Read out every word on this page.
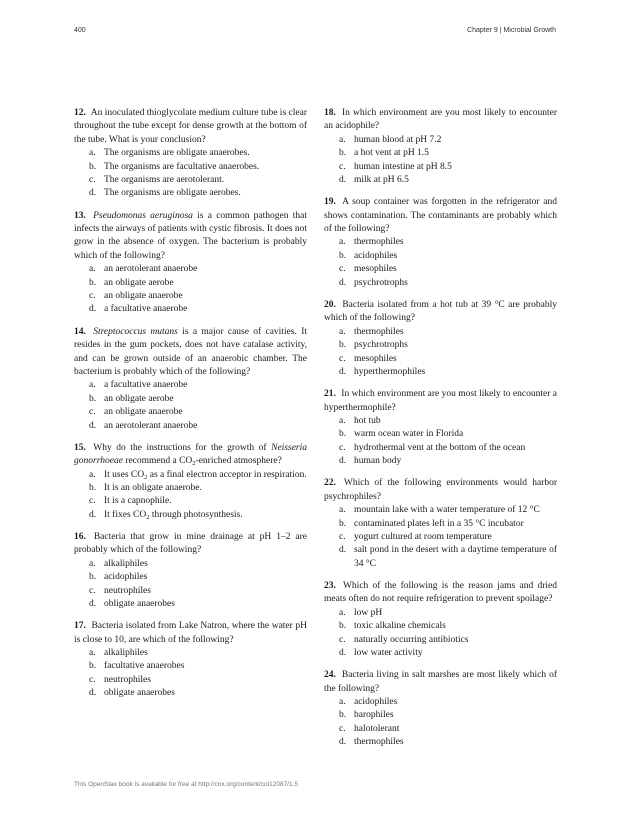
400	Chapter 9 | Microbial Growth

12. An inoculated thioglycolate medium culture tube is clear throughout the tube except for dense growth at the bottom of the tube. What is your conclusion?

a. The organisms are obligate anaerobes.
b. The organisms are facultative anaerobes.
c. The organisms are aerotolerant.
d. The organisms are obligate aerobes.

13. Pseudomonas aeruginosa is a common pathogen that infects the airways of patients with cystic fibrosis. It does not grow in the absence of oxygen. The bacterium is probably which of the following?

a. an aerotolerant anaerobe
b. an obligate aerobe
c. an obligate anaerobe
d. a facultative anaerobe

14. Streptococcus mutans is a major cause of cavities. It resides in the gum pockets, does not have catalase activity, and can be grown outside of an anaerobic chamber. The bacterium is probably which of the following?

a. a facultative anaerobe
b. an obligate aerobe
c. an obligate anaerobe
d. an aerotolerant anaerobe

15. Why do the instructions for the growth of Neisseria gonorrhoeae recommend a $CO_2$-enriched atmosphere?

a. It uses $CO_2$ as a final electron acceptor in respiration.
b. It is an obligate anaerobe.
c. It is a capnophile.
d. It fixes $CO_2$ through photosynthesis.

16. Bacteria that grow in mine drainage at pH 1–2 are probably which of the following?

a. alkaliphiles
b. acidophiles
c. neutrophiles
d. obligate anaerobes

17. Bacteria isolated from Lake Natron, where the water pH is close to 10, are which of the following?

a. alkaliphiles
b. facultative anaerobes
c. neutrophiles
d. obligate anaerobes

18. In which environment are you most likely to encounter an acidophile?

a. human blood at pH 7.2
b. a hot vent at pH 1.5
c. human intestine at pH 8.5
d. milk at pH 6.5

19. A soup container was forgotten in the refrigerator and shows contamination. The contaminants are probably which of the following?

a. thermophiles
b. acidophiles
c. mesophiles
d. psychrotrophs

20. Bacteria isolated from a hot tub at 39 °C are probably which of the following?

a. thermophiles
b. psychrotrophs
c. mesophiles
d. hyperthermophiles

21. In which environment are you most likely to encounter a hyperthermophile?

a. hot tub
b. warm ocean water in Florida
c. hydrothermal vent at the bottom of the ocean
d. human body

22. Which of the following environments would harbor psychrophiles?

a. mountain lake with a water temperature of 12 °C
b. contaminated plates left in a 35 °C incubator
c. yogurt cultured at room temperature
d. salt pond in the desert with a daytime temperature of 34 °C

23. Which of the following is the reason jams and dried meats often do not require refrigeration to prevent spoilage?

a. low pH
b. toxic alkaline chemicals
c. naturally occurring antibiotics
d. low water activity

24. Bacteria living in salt marshes are most likely which of the following?

a. acidophiles
b. barophiles
c. halotolerant
d. thermophiles
This OpenStax book is available for free at http://cnx.org/content/col12087/1.5
